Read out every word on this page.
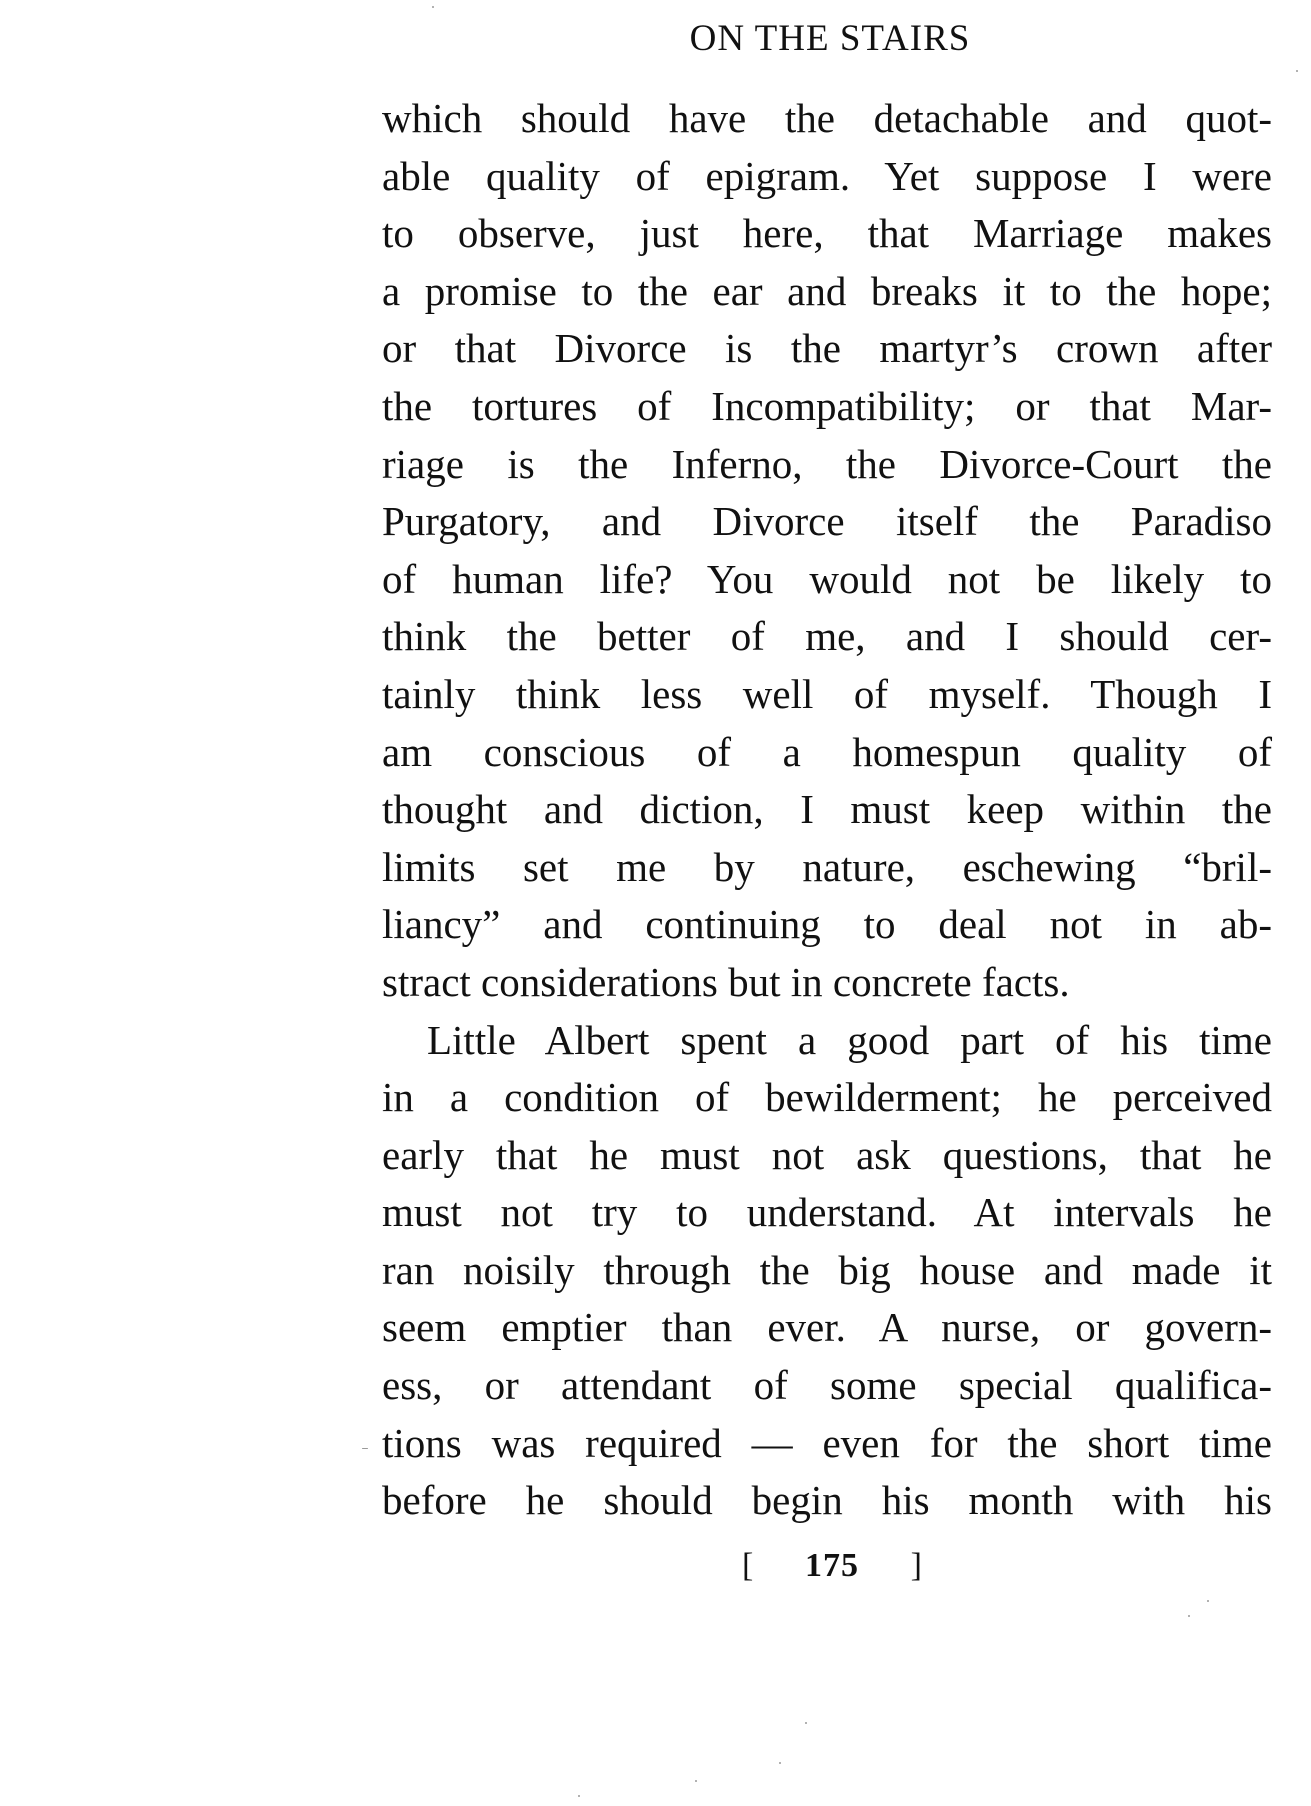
ON THE STAIRS
which should have the detachable and quot-
able quality of epigram. Yet suppose I were
to observe, just here, that Marriage makes
a promise to the ear and breaks it to the hope;
or that Divorce is the martyr’s crown after
the tortures of Incompatibility; or that Mar-
riage is the Inferno, the Divorce-Court the
Purgatory, and Divorce itself the Paradiso
of human life? You would not be likely to
think the better of me, and I should cer-
tainly think less well of myself. Though I
am conscious of a homespun quality of
thought and diction, I must keep within the
limits set me by nature, eschewing “bril-
liancy” and continuing to deal not in ab-
stract considerations but in concrete facts.
Little Albert spent a good part of his time
in a condition of bewilderment; he perceived
early that he must not ask questions, that he
must not try to understand. At intervals he
ran noisily through the big house and made it
seem emptier than ever. A nurse, or govern-
ess, or attendant of some special qualifica-
tions was required — even for the short time
before he should begin his month with his
[ 175 ]
